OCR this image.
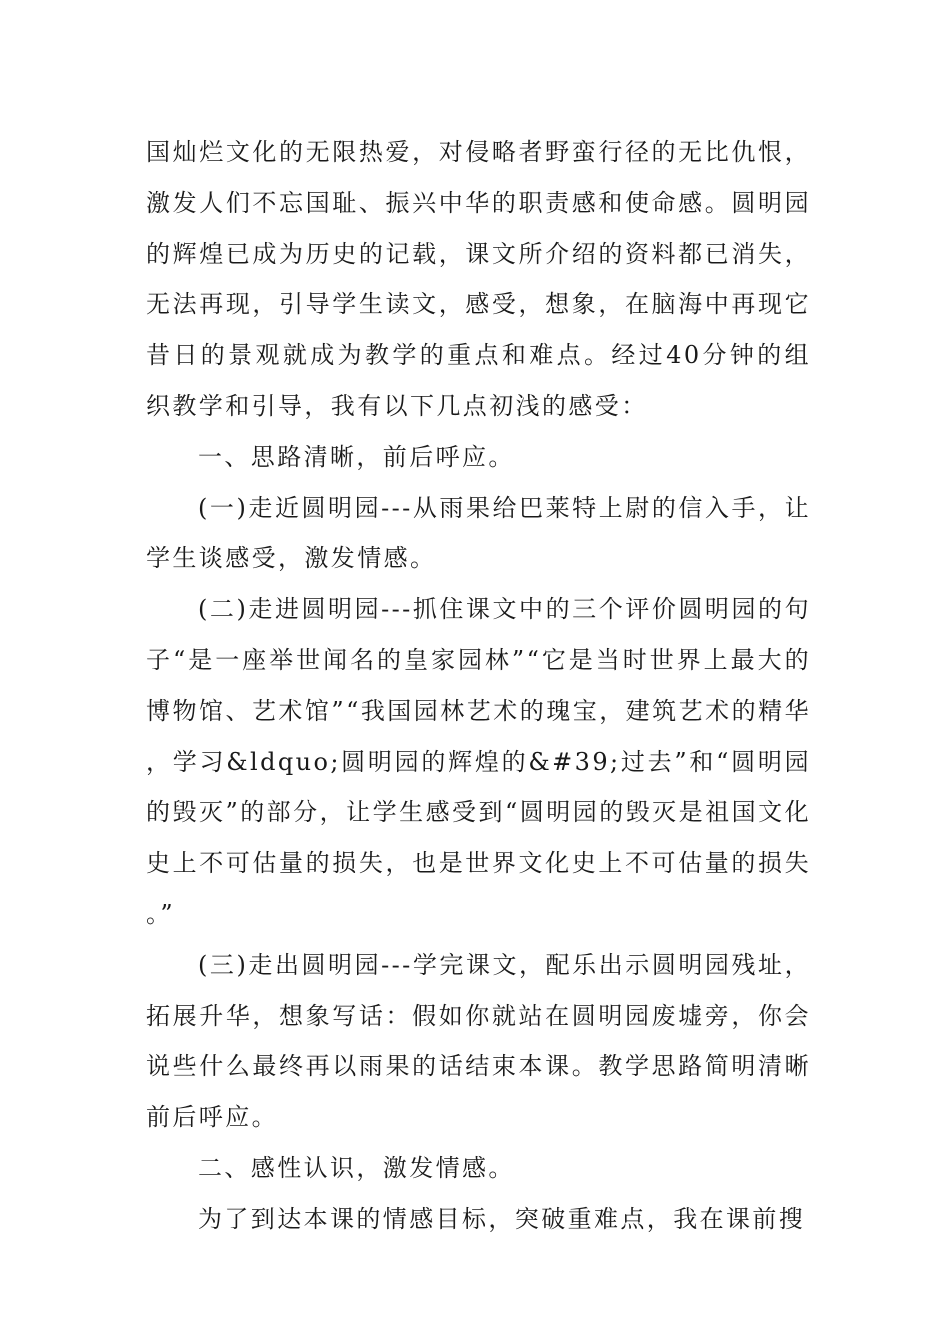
国灿烂文化的无限热爱，对侵略者野蛮行径的无比仇恨，激发人们不忘国耻、振兴中华的职责感和使命感。圆明园的辉煌已成为历史的记载，课文所介绍的资料都已消失，无法再现，引导学生读文，感受，想象，在脑海中再现它昔日的景观就成为教学的重点和难点。经过40分钟的组织教学和引导，我有以下几点初浅的感受：

一、思路清晰，前后呼应。

(一)走近圆明园---从雨果给巴莱特上尉的信入手，让学生谈感受，激发情感。

(二)走进圆明园---抓住课文中的三个评价圆明园的句子“是一座举世闻名的皇家园林”“它是当时世界上最大的博物馆、艺术馆”“我国园林艺术的瑰宝，建筑艺术的精华，学习&ldquo;圆明园的辉煌的&#39;过去”和“圆明园的毁灭”的部分，让学生感受到“圆明园的毁灭是祖国文化史上不可估量的损失，也是世界文化史上不可估量的损失。”

(三)走出圆明园---学完课文，配乐出示圆明园残址，拓展升华，想象写话：假如你就站在圆明园废墟旁，你会说些什么最终再以雨果的话结束本课。教学思路简明清晰前后呼应。

二、感性认识，激发情感。

为了到达本课的情感目标，突破重难点，我在课前搜
